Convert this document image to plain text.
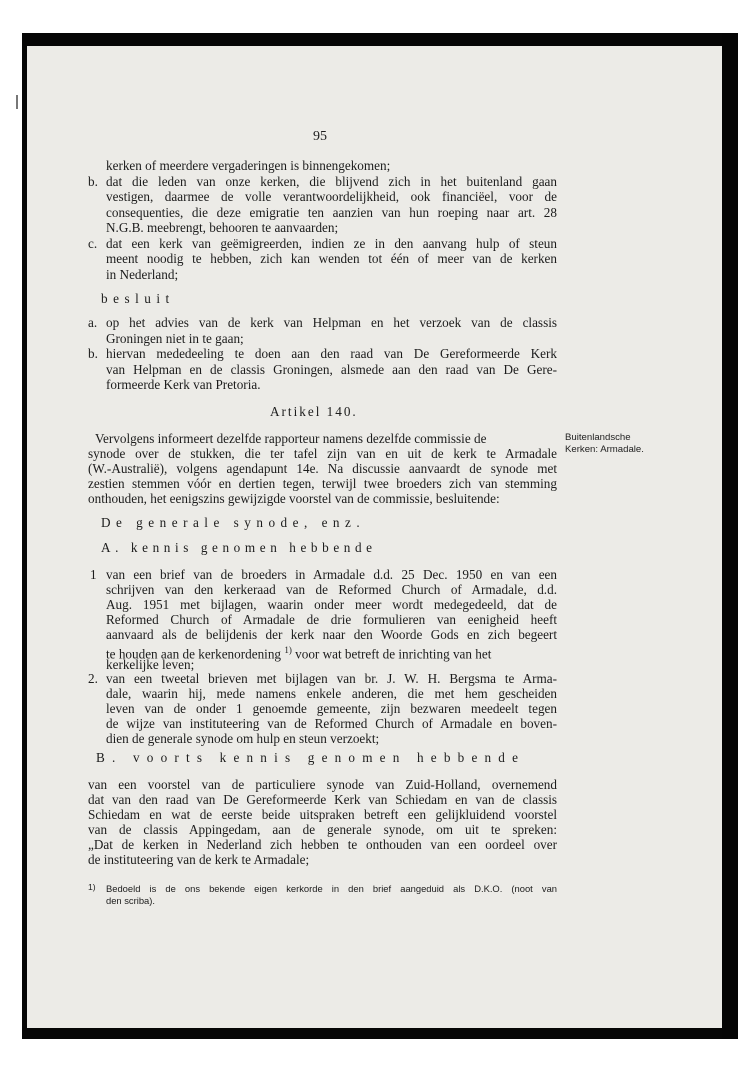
95
kerken of meerdere vergaderingen is binnengekomen;
b. dat die leden van onze kerken, die blijvend zich in het buitenland gaan
vestigen, daarmee de volle verantwoordelijkheid, ook financiëel, voor de
consequenties, die deze emigratie ten aanzien van hun roeping naar art. 28
N.G.B. meebrengt, behooren te aanvaarden;
c. dat een kerk van geëmigreerden, indien ze in den aanvang hulp of steun
meent noodig te hebben, zich kan wenden tot één of meer van de kerken
in Nederland;
besluit
a. op het advies van de kerk van Helpman en het verzoek van de classis
Groningen niet in te gaan;
b. hiervan mededeeling te doen aan den raad van De Gereformeerde Kerk
van Helpman en de classis Groningen, alsmede aan den raad van De Gere-
formeerde Kerk van Pretoria.
Artikel 140.
Buitenlandsche
Kerken: Armadale.
Vervolgens informeert dezelfde rapporteur namens dezelfde commissie de
synode over de stukken, die ter tafel zijn van en uit de kerk te Armadale
(W.-Australië), volgens agendapunt 14e. Na discussie aanvaardt de synode met
zestien stemmen vóór en dertien tegen, terwijl twee broeders zich van stemming
onthouden, het eenigszins gewijzigde voorstel van de commissie, besluitende:
De generale synode, enz.
A. kennis genomen hebbende
1 van een brief van de broeders in Armadale d.d. 25 Dec. 1950 en van een
schrijven van den kerkeraad van de Reformed Church of Armadale, d.d.
Aug. 1951 met bijlagen, waarin onder meer wordt medegedeeld, dat de
Reformed Church of Armadale de drie formulieren van eenigheid heeft
aanvaard als de belijdenis der kerk naar den Woorde Gods en zich begeert
te houden aan de kerkenordening $^{1)}$ voor wat betreft de inrichting van het
kerkelijke leven;
2. van een tweetal brieven met bijlagen van br. J. W. H. Bergsma te Arma-
dale, waarin hij, mede namens enkele anderen, die met hem gescheiden
leven van de onder 1 genoemde gemeente, zijn bezwaren meedeelt tegen
de wijze van instituteering van de Reformed Church of Armadale en boven-
dien de generale synode om hulp en steun verzoekt;
B. voorts kennis genomen hebbende
van een voorstel van de particuliere synode van Zuid-Holland, overnemend
dat van den raad van De Gereformeerde Kerk van Schiedam en van de classis
Schiedam en wat de eerste beide uitspraken betreft een gelijkluidend voorstel
van de classis Appingedam, aan de generale synode, om uit te spreken:
„Dat de kerken in Nederland zich hebben te onthouden van een oordeel over
de instituteering van de kerk te Armadale;
1) Bedoeld is de ons bekende eigen kerkorde in den brief aangeduid als D.K.O. (noot van
den scriba).
